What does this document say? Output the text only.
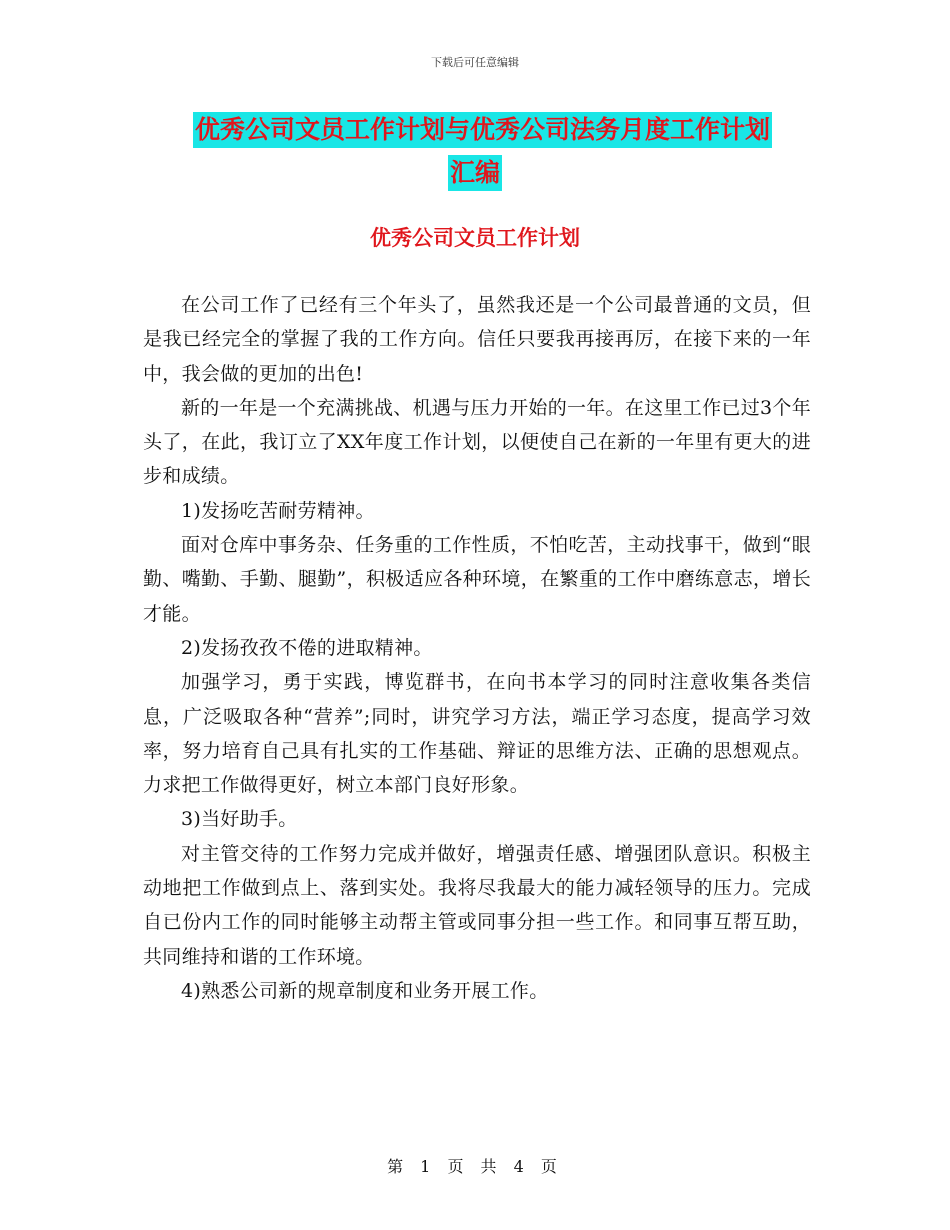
下载后可任意编辑
优秀公司文员工作计划与优秀公司法务月度工作计划
汇编
优秀公司文员工作计划

在公司工作了已经有三个年头了，虽然我还是一个公司最普通的文员，但是我已经完全的掌握了我的工作方向。信任只要我再接再厉，在接下来的一年中，我会做的更加的出色!

新的一年是一个充满挑战、机遇与压力开始的一年。在这里工作已过3个年头了，在此，我订立了XX年度工作计划，以便使自己在新的一年里有更大的进步和成绩。

1)发扬吃苦耐劳精神。

面对仓库中事务杂、任务重的工作性质，不怕吃苦，主动找事干，做到“眼勤、嘴勤、手勤、腿勤”，积极适应各种环境，在繁重的工作中磨练意志，增长才能。

2)发扬孜孜不倦的进取精神。

加强学习，勇于实践，博览群书，在向书本学习的同时注意收集各类信息，广泛吸取各种“营养”;同时，讲究学习方法，端正学习态度，提高学习效率，努力培育自己具有扎实的工作基础、辩证的思维方法、正确的思想观点。力求把工作做得更好，树立本部门良好形象。

3)当好助手。

对主管交待的工作努力完成并做好，增强责任感、增强团队意识。积极主动地把工作做到点上、落到实处。我将尽我最大的能力减轻领导的压力。完成自已份内工作的同时能够主动帮主管或同事分担一些工作。和同事互帮互助，共同维持和谐的工作环境。

4)熟悉公司新的规章制度和业务开展工作。

第 1 页 共 4 页
